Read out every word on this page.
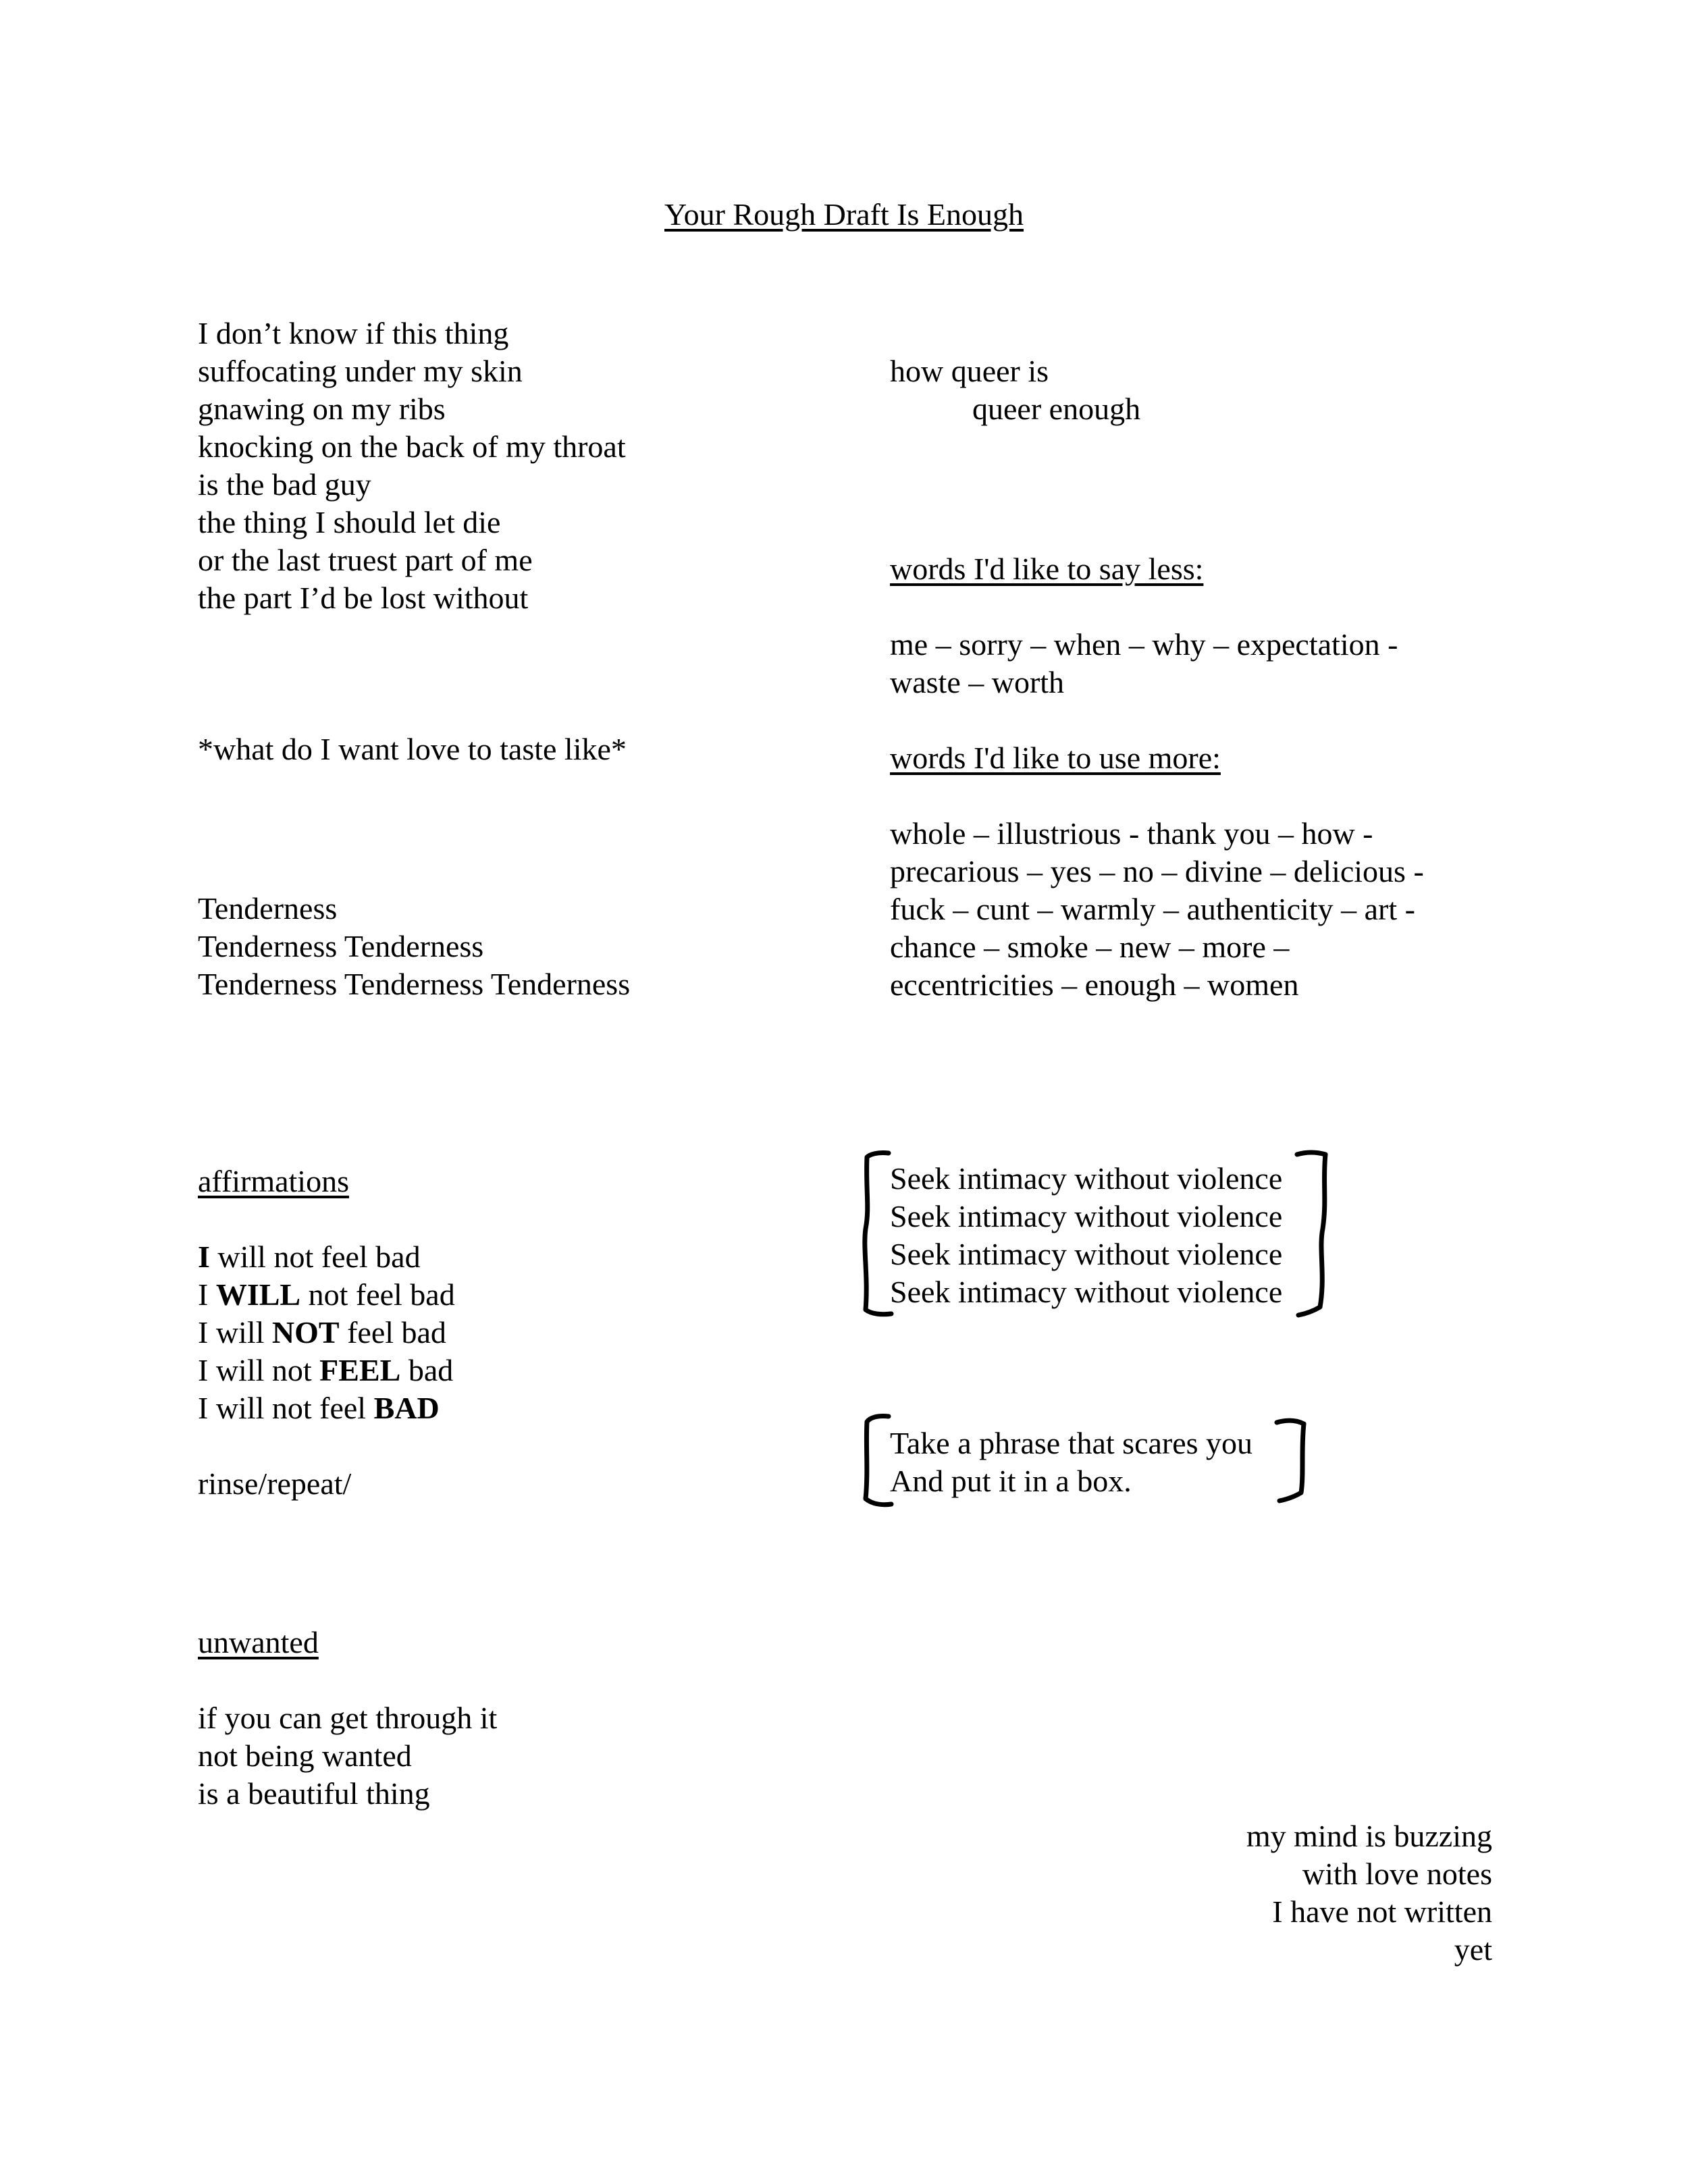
Your Rough Draft Is Enough
I don’t know if this thing
suffocating under my skin
gnawing on my ribs
knocking on the back of my throat
is the bad guy
the thing I should let die
or the last truest part of me
the part I’d be lost without
*what do I want love to taste like*
Tenderness
Tenderness Tenderness
Tenderness Tenderness Tenderness
affirmations
I will not feel bad
I WILL not feel bad
I will NOT feel bad
I will not FEEL bad
I will not feel BAD
rinse/repeat/
unwanted
if you can get through it
not being wanted
is a beautiful thing
how queer is
queer enough
words I'd like to say less:
me – sorry – when – why – expectation -
waste – worth
words I'd like to use more:
whole – illustrious - thank you – how -
precarious – yes – no – divine – delicious -
fuck – cunt – warmly – authenticity – art -
chance – smoke – new – more –
eccentricities – enough – women
Seek intimacy without violence
Seek intimacy without violence
Seek intimacy without violence
Seek intimacy without violence
Take a phrase that scares you
And put it in a box.
my mind is buzzing
with love notes
I have not written
yet
